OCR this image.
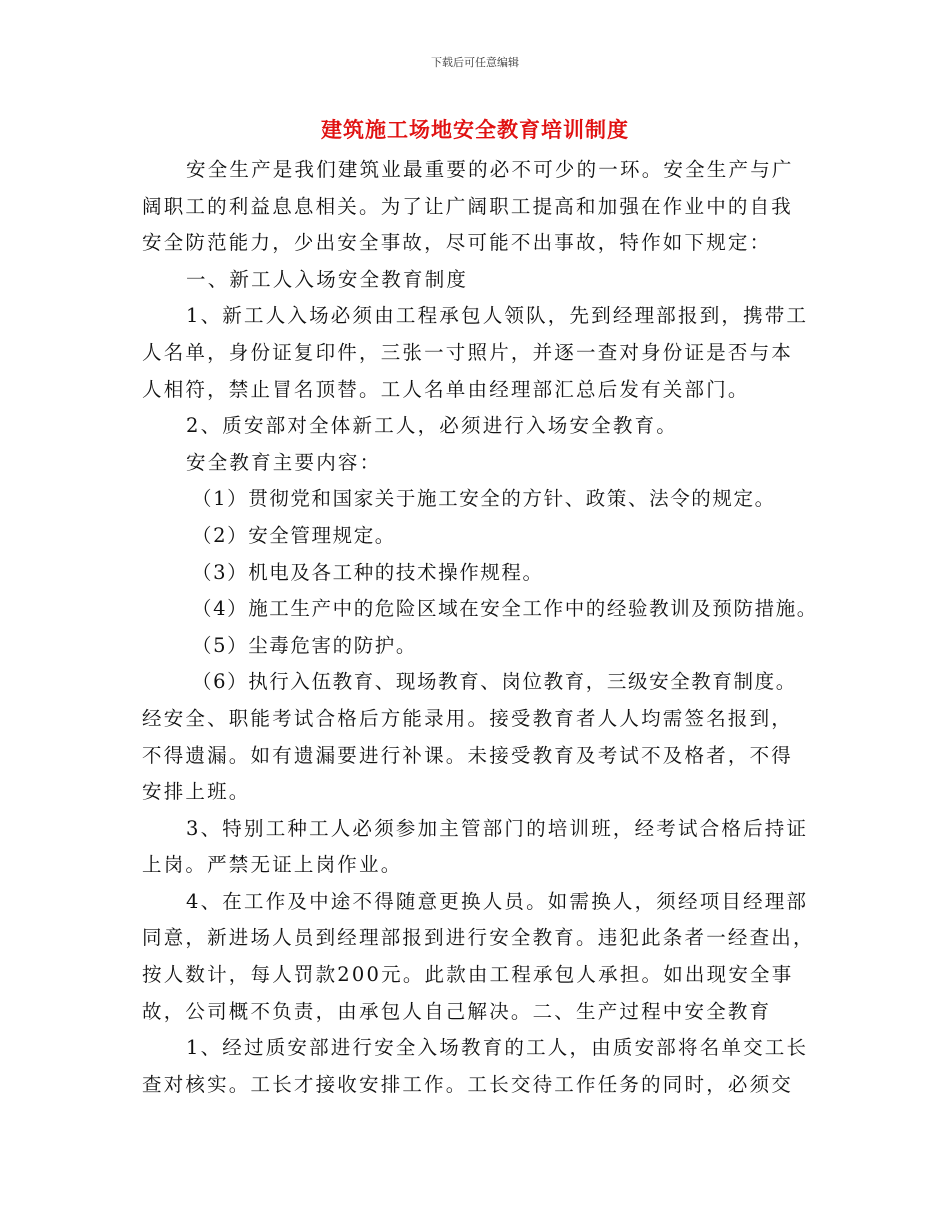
下载后可任意编辑
建筑施工场地安全教育培训制度

安全生产是我们建筑业最重要的必不可少的一环。安全生产与广

阔职工的利益息息相关。为了让广阔职工提高和加强在作业中的自我

安全防范能力，少出安全事故，尽可能不出事故，特作如下规定：

一、新工人入场安全教育制度

1、新工人入场必须由工程承包人领队，先到经理部报到，携带工

人名单，身份证复印件，三张一寸照片，并逐一查对身份证是否与本

人相符，禁止冒名顶替。工人名单由经理部汇总后发有关部门。

2、质安部对全体新工人，必须进行入场安全教育。

安全教育主要内容：

（1）贯彻党和国家关于施工安全的方针、政策、法令的规定。

（2）安全管理规定。

（3）机电及各工种的技术操作规程。

（4）施工生产中的危险区域在安全工作中的经验教训及预防措施。

（5）尘毒危害的防护。

（6）执行入伍教育、现场教育、岗位教育，三级安全教育制度。

经安全、职能考试合格后方能录用。接受教育者人人均需签名报到，

不得遗漏。如有遗漏要进行补课。未接受教育及考试不及格者，不得

安排上班。

3、特别工种工人必须参加主管部门的培训班，经考试合格后持证

上岗。严禁无证上岗作业。

4、在工作及中途不得随意更换人员。如需换人，须经项目经理部

同意，新进场人员到经理部报到进行安全教育。违犯此条者一经查出，

按人数计，每人罚款200元。此款由工程承包人承担。如出现安全事

故，公司概不负责，由承包人自己解决。二、生产过程中安全教育

1、经过质安部进行安全入场教育的工人，由质安部将名单交工长

查对核实。工长才接收安排工作。工长交待工作任务的同时，必须交
